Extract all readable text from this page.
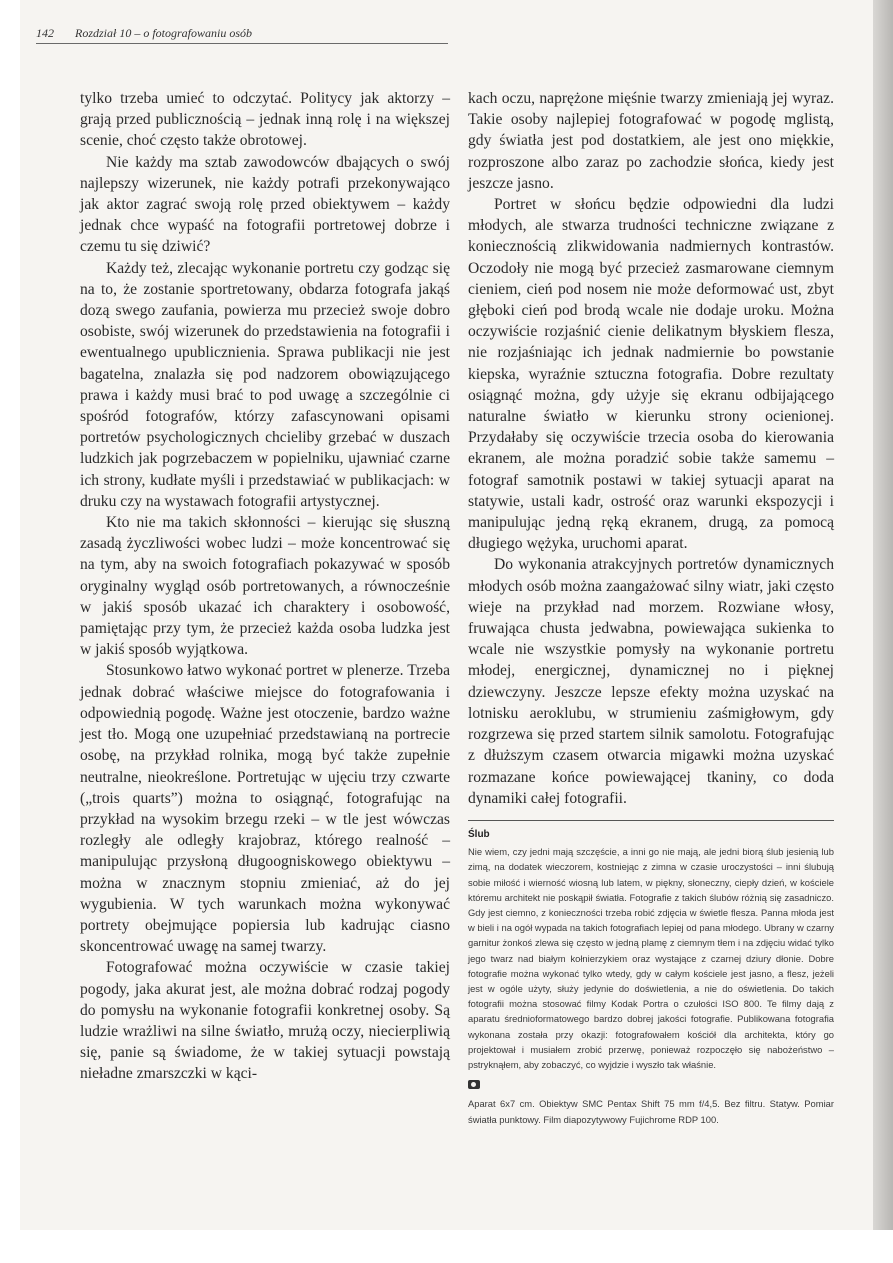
142 Rozdział 10 – o fotografowaniu osób

tylko trzeba umieć to odczytać. Politycy jak aktorzy – grają przed publicznością – jednak inną rolę i na większej scenie, choć często także obrotowej.

Nie każdy ma sztab zawodowców dbających o swój najlepszy wizerunek, nie każdy potrafi przekonywająco jak aktor zagrać swoją rolę przed obiektywem – każdy jednak chce wypaść na fotografii portretowej dobrze i czemu tu się dziwić?

Każdy też, zlecając wykonanie portretu czy godząc się na to, że zostanie sportretowany, obdarza fotografa jakąś dozą swego zaufania, powierza mu przecież swoje dobro osobiste, swój wizerunek do przedstawienia na fotografii i ewentualnego upublicznienia. Sprawa publikacji nie jest bagatelna, znalazła się pod nadzorem obowiązującego prawa i każdy musi brać to pod uwagę a szczególnie ci spośród fotografów, którzy zafascynowani opisami portretów psychologicznych chcieliby grzebać w duszach ludzkich jak pogrzebaczem w popielniku, ujawniać czarne ich strony, kudłate myśli i przedstawiać w publikacjach: w druku czy na wystawach fotografii artystycznej.

Kto nie ma takich skłonności – kierując się słuszną zasadą życzliwości wobec ludzi – może koncentrować się na tym, aby na swoich fotografiach pokazywać w sposób oryginalny wygląd osób portretowanych, a równocześnie w jakiś sposób ukazać ich charaktery i osobowość, pamiętając przy tym, że przecież każda osoba ludzka jest w jakiś sposób wyjątkowa.

Stosunkowo łatwo wykonać portret w plenerze. Trzeba jednak dobrać właściwe miejsce do fotografowania i odpowiednią pogodę. Ważne jest otoczenie, bardzo ważne jest tło. Mogą one uzupełniać przedstawianą na portrecie osobę, na przykład rolnika, mogą być także zupełnie neutralne, nieokreślone. Portretując w ujęciu trzy czwarte („trois quarts”) można to osiągnąć, fotografując na przykład na wysokim brzegu rzeki – w tle jest wówczas rozległy ale odległy krajobraz, którego realność – manipulując przysłoną długoogniskowego obiektywu – można w znacznym stopniu zmieniać, aż do jej wygubienia. W tych warunkach można wykonywać portrety obejmujące popiersia lub kadrując ciasno skoncentrować uwagę na samej twarzy.

Fotografować można oczywiście w czasie takiej pogody, jaka akurat jest, ale można dobrać rodzaj pogody do pomysłu na wykonanie fotografii konkretnej osoby. Są ludzie wrażliwi na silne światło, mrużą oczy, niecierpliwią się, panie są świadome, że w takiej sytuacji powstają nieładne zmarszczki w kąci-

kach oczu, naprężone mięśnie twarzy zmieniają jej wyraz. Takie osoby najlepiej fotografować w pogodę mglistą, gdy światła jest pod dostatkiem, ale jest ono miękkie, rozproszone albo zaraz po zachodzie słońca, kiedy jest jeszcze jasno.

Portret w słońcu będzie odpowiedni dla ludzi młodych, ale stwarza trudności techniczne związane z koniecznością zlikwidowania nadmiernych kontrastów. Oczodoły nie mogą być przecież zasmarowane ciemnym cieniem, cień pod nosem nie może deformować ust, zbyt głęboki cień pod brodą wcale nie dodaje uroku. Można oczywiście rozjaśnić cienie delikatnym błyskiem flesza, nie rozjaśniając ich jednak nadmiernie bo powstanie kiepska, wyraźnie sztuczna fotografia. Dobre rezultaty osiągnąć można, gdy użyje się ekranu odbijającego naturalne światło w kierunku strony ocienionej. Przydałaby się oczywiście trzecia osoba do kierowania ekranem, ale można poradzić sobie także samemu – fotograf samotnik postawi w takiej sytuacji aparat na statywie, ustali kadr, ostrość oraz warunki ekspozycji i manipulując jedną ręką ekranem, drugą, za pomocą długiego wężyka, uruchomi aparat.

Do wykonania atrakcyjnych portretów dynamicznych młodych osób można zaangażować silny wiatr, jaki często wieje na przykład nad morzem. Rozwiane włosy, fruwająca chusta jedwabna, powiewająca sukienka to wcale nie wszystkie pomysły na wykonanie portretu młodej, energicznej, dynamicznej no i pięknej dziewczyny. Jeszcze lepsze efekty można uzyskać na lotnisku aeroklubu, w strumieniu zaśmigłowym, gdy rozgrzewa się przed startem silnik samolotu. Fotografując z dłuższym czasem otwarcia migawki można uzyskać rozmazane końce powiewającej tkaniny, co doda dynamiki całej fotografii.

Ślub
Nie wiem, czy jedni mają szczęście, a inni go nie mają, ale jedni biorą ślub jesienią lub zimą, na dodatek wieczorem, kostniejąc z zimna w czasie uroczystości – inni ślubują sobie miłość i wierność wiosną lub latem, w piękny, słoneczny, ciepły dzień, w kościele któremu architekt nie poskąpił światła. Fotografie z takich ślubów różnią się zasadniczo. Gdy jest ciemno, z konieczności trzeba robić zdjęcia w świetle flesza. Panna młoda jest w bieli i na ogół wypada na takich fotografiach lepiej od pana młodego. Ubrany w czarny garnitur żonkoś zlewa się często w jedną plamę z ciemnym tłem i na zdjęciu widać tylko jego twarz nad białym kołnierzykiem oraz wystające z czarnej dziury dłonie. Dobre fotografie można wykonać tylko wtedy, gdy w całym kościele jest jasno, a flesz, jeżeli jest w ogóle użyty, służy jedynie do doświetlenia, a nie do oświetlenia. Do takich fotografii można stosować filmy Kodak Portra o czułości ISO 800. Te filmy dają z aparatu średnioformatowego bardzo dobrej jakości fotografie. Publikowana fotografia wykonana została przy okazji: fotografowałem kościół dla architekta, który go projektował i musiałem zrobić przerwę, ponieważ rozpoczęło się nabożeństwo – pstryknąłem, aby zobaczyć, co wyjdzie i wyszło tak właśnie.
Aparat 6x7 cm. Obiektyw SMC Pentax Shift 75 mm f/4,5. Bez filtru. Statyw. Pomiar światła punktowy. Film diapozytywowy Fujichrome RDP 100.
